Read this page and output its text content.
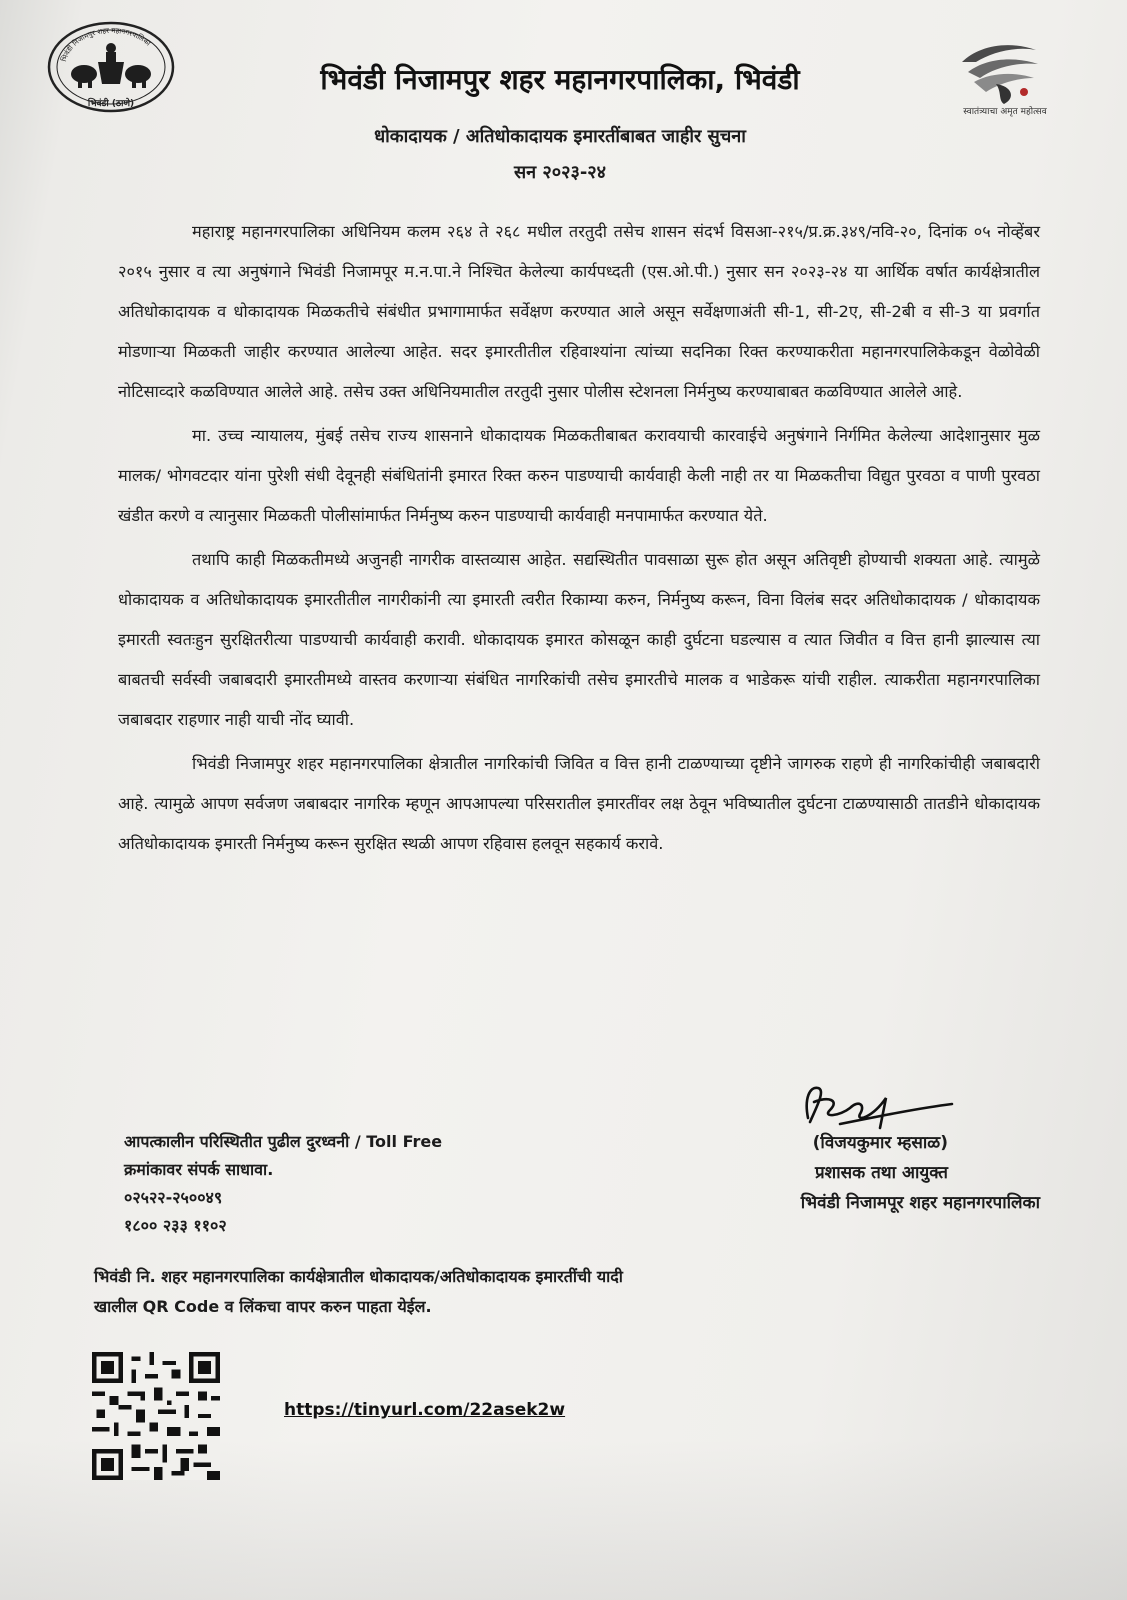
भिवंडी निजामपुर शहर महानगरपालिका
भिवंडी (ठाणे)
स्वातंत्र्याचा अमृत महोत्सव
भिवंडी निजामपुर शहर महानगरपालिका, भिवंडी
धोकादायक / अतिधोकादायक इमारतींबाबत जाहीर सुचना
सन २०२३-२४

महाराष्ट्र महानगरपालिका अधिनियम कलम २६४ ते २६८ मधील तरतुदी तसेच शासन संदर्भ विसआ-२१५/प्र.क्र.३४९/नवि-२०, दिनांक ०५ नोव्हेंबर २०१५ नुसार व त्या अनुषंगाने भिवंडी निजामपूर म.न.पा.ने निश्चित केलेल्या कार्यपध्दती (एस.ओ.पी.) नुसार सन २०२३-२४ या आर्थिक वर्षात कार्यक्षेत्रातील अतिधोकादायक व धोकादायक मिळकतीचे संबंधीत प्रभागामार्फत सर्वेक्षण करण्यात आले असून सर्वेक्षणाअंती सी-1, सी-2ए, सी-2बी व सी-3 या प्रवर्गात मोडणाऱ्या मिळकती जाहीर करण्यात आलेल्या आहेत. सदर इमारतीतील रहिवाश्यांना त्यांच्या सदनिका रिक्त करण्याकरीता महानगरपालिकेकडून वेळोवेळी नोटिसाव्दारे कळविण्यात आलेले आहे. तसेच उक्त अधिनियमातील तरतुदी नुसार पोलीस स्टेशनला निर्मनुष्य करण्याबाबत कळविण्यात आलेले आहे.

मा. उच्च न्यायालय, मुंबई तसेच राज्य शासनाने धोकादायक मिळकतीबाबत करावयाची कारवाईचे अनुषंगाने निर्गमित केलेल्या आदेशानुसार मुळ मालक/ भोगवटदार यांना पुरेशी संधी देवूनही संबंधितांनी इमारत रिक्त करुन पाडण्याची कार्यवाही केली नाही तर या मिळकतीचा विद्युत पुरवठा व पाणी पुरवठा खंडीत करणे व त्यानुसार मिळकती पोलीसांमार्फत निर्मनुष्य करुन पाडण्याची कार्यवाही मनपामार्फत करण्यात येते.

तथापि काही मिळकतीमध्ये अजुनही नागरीक वास्तव्यास आहेत. सद्यस्थितीत पावसाळा सुरू होत असून अतिवृष्टी होण्याची शक्यता आहे. त्यामुळे धोकादायक व अतिधोकादायक इमारतीतील नागरीकांनी त्या इमारती त्वरीत रिकाम्या करुन, निर्मनुष्य करून, विना विलंब सदर अतिधोकादायक / धोकादायक इमारती स्वतःहुन सुरक्षितरीत्या पाडण्याची कार्यवाही करावी. धोकादायक इमारत कोसळून काही दुर्घटना घडल्यास व त्यात जिवीत व वित्त हानी झाल्यास त्या बाबतची सर्वस्वी जबाबदारी इमारतीमध्ये वास्तव करणाऱ्या संबंधित नागरिकांची तसेच इमारतीचे मालक व भाडेकरू यांची राहील. त्याकरीता महानगरपालिका जबाबदार राहणार नाही याची नोंद घ्यावी.

भिवंडी निजामपुर शहर महानगरपालिका क्षेत्रातील नागरिकांची जिवित व वित्त हानी टाळण्याच्या दृष्टीने जागरुक राहणे ही नागरिकांचीही जबाबदारी आहे. त्यामुळे आपण सर्वजण जबाबदार नागरिक म्हणून आपआपल्या परिसरातील इमारतींवर लक्ष ठेवून भविष्यातील दुर्घटना टाळण्यासाठी तातडीने धोकादायक अतिधोकादायक इमारती निर्मनुष्य करून सुरक्षित स्थळी आपण रहिवास हलवून सहकार्य करावे.

आपत्कालीन परिस्थितीत पुढील दुरध्वनी / Toll Free
क्रमांकावर संपर्क साधावा.
०२५२२-२५००४९
१८०० २३३ ११०२
(विजयकुमार म्हसाळ)
प्रशासक तथा आयुक्त
भिवंडी निजामपूर शहर महानगरपालिका
भिवंडी नि. शहर महानगरपालिका कार्यक्षेत्रातील धोकादायक/अतिधोकादायक इमारतींची यादी
खालील QR Code व लिंकचा वापर करुन पाहता येईल.
https://tinyurl.com/22asek2w
